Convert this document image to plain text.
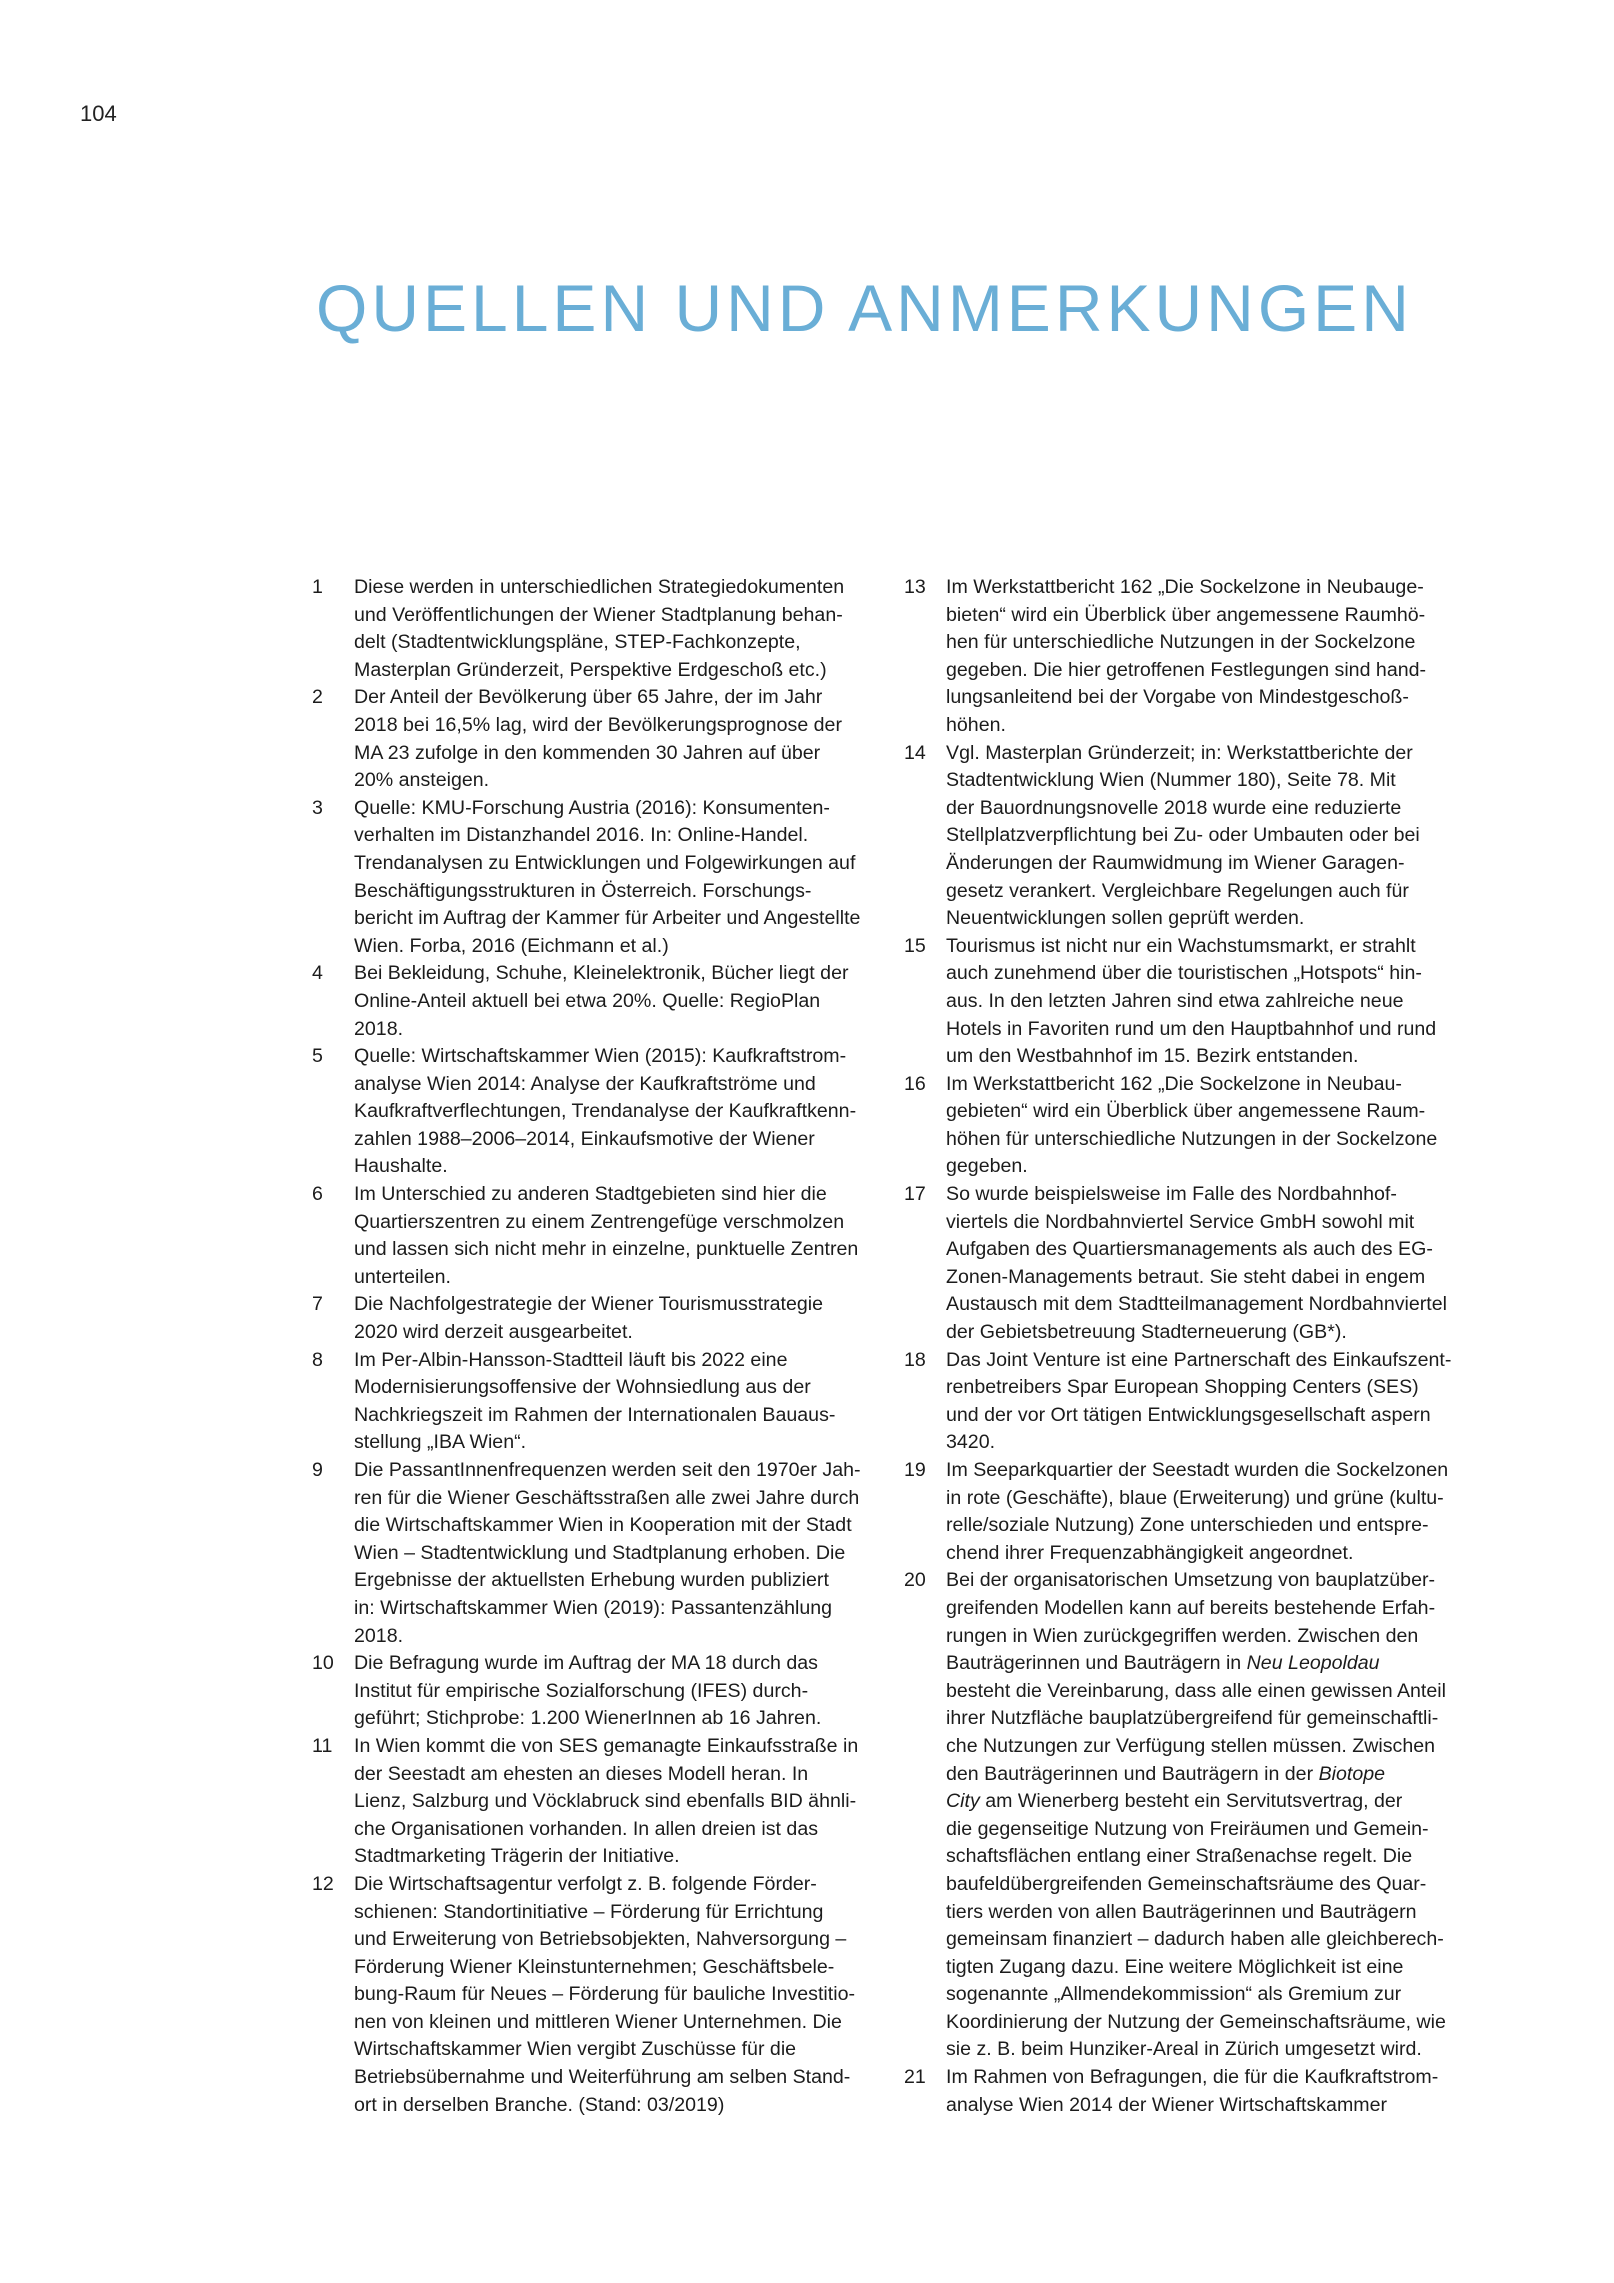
104
QUELLEN UND ANMERKUNGEN
1	Diese werden in unterschiedlichen Strategiedokumenten
und Veröffentlichungen der Wiener Stadtplanung behan-
delt (Stadtentwicklungspläne, STEP-Fachkonzepte,
Masterplan Gründerzeit, Perspektive Erdgeschoß etc.)
2	Der Anteil der Bevölkerung über 65 Jahre, der im Jahr
2018 bei 16,5% lag, wird der Bevölkerungsprognose der
MA 23 zufolge in den kommenden 30 Jahren auf über
20% ansteigen.
3	Quelle: KMU-Forschung Austria (2016): Konsumenten-
verhalten im Distanzhandel 2016. In: Online-Handel.
Trendanalysen zu Entwicklungen und Folgewirkungen auf
Beschäftigungsstrukturen in Österreich. Forschungs-
bericht im Auftrag der Kammer für Arbeiter und Angestellte
Wien. Forba, 2016 (Eichmann et al.)
4	Bei Bekleidung, Schuhe, Kleinelektronik, Bücher liegt der
Online-Anteil aktuell bei etwa 20%. Quelle: RegioPlan
2018.
5	Quelle: Wirtschaftskammer Wien (2015): Kaufkraftstrom-
analyse Wien 2014: Analyse der Kaufkraftströme und
Kaufkraftverflechtungen, Trendanalyse der Kaufkraftkenn-
zahlen 1988–2006–2014, Einkaufsmotive der Wiener
Haushalte.
6	Im Unterschied zu anderen Stadtgebieten sind hier die
Quartierszentren zu einem Zentrengefüge verschmolzen
und lassen sich nicht mehr in einzelne, punktuelle Zentren
unterteilen.
7	Die Nachfolgestrategie der Wiener Tourismusstrategie
2020 wird derzeit ausgearbeitet.
8	Im Per-Albin-Hansson-Stadtteil läuft bis 2022 eine
Modernisierungsoffensive der Wohnsiedlung aus der
Nachkriegszeit im Rahmen der Internationalen Bauaus-
stellung „IBA Wien“.
9	Die PassantInnenfrequenzen werden seit den 1970er Jah-
ren für die Wiener Geschäftsstraßen alle zwei Jahre durch
die Wirtschaftskammer Wien in Kooperation mit der Stadt
Wien – Stadtentwicklung und Stadtplanung erhoben. Die
Ergebnisse der aktuellsten Erhebung wurden publiziert
in: Wirtschaftskammer Wien (2019): Passantenzählung
2018.
10	Die Befragung wurde im Auftrag der MA 18 durch das
Institut für empirische Sozialforschung (IFES) durch-
geführt; Stichprobe: 1.200 WienerInnen ab 16 Jahren.
11	In Wien kommt die von SES gemanagte Einkaufsstraße in
der Seestadt am ehesten an dieses Modell heran. In
Lienz, Salzburg und Vöcklabruck sind ebenfalls BID ähnli-
che Organisationen vorhanden. In allen dreien ist das
Stadtmarketing Trägerin der Initiative.
12	Die Wirtschaftsagentur verfolgt z. B. folgende Förder-
schienen: Standortinitiative – Förderung für Errichtung
und Erweiterung von Betriebsobjekten, Nahversorgung –
Förderung Wiener Kleinstunternehmen; Geschäftsbele-
bung-Raum für Neues – Förderung für bauliche Investitio-
nen von kleinen und mittleren Wiener Unternehmen. Die
Wirtschaftskammer Wien vergibt Zuschüsse für die
Betriebsübernahme und Weiterführung am selben Stand-
ort in derselben Branche. (Stand: 03/2019)
13	Im Werkstattbericht 162 „Die Sockelzone in Neubauge-
bieten“ wird ein Überblick über angemessene Raumhö-
hen für unterschiedliche Nutzungen in der Sockelzone
gegeben. Die hier getroffenen Festlegungen sind hand-
lungsanleitend bei der Vorgabe von Mindestgeschoß-
höhen.
14	Vgl. Masterplan Gründerzeit; in: Werkstattberichte der
Stadtentwicklung Wien (Nummer 180), Seite 78. Mit
der Bauordnungsnovelle 2018 wurde eine reduzierte
Stellplatzverpflichtung bei Zu- oder Umbauten oder bei
Änderungen der Raumwidmung im Wiener Garagen-
gesetz verankert. Vergleichbare Regelungen auch für
Neuentwicklungen sollen geprüft werden.
15	Tourismus ist nicht nur ein Wachstumsmarkt, er strahlt
auch zunehmend über die touristischen „Hotspots“ hin-
aus. In den letzten Jahren sind etwa zahlreiche neue
Hotels in Favoriten rund um den Hauptbahnhof und rund
um den Westbahnhof im 15. Bezirk entstanden.
16	Im Werkstattbericht 162 „Die Sockelzone in Neubau-
gebieten“ wird ein Überblick über angemessene Raum-
höhen für unterschiedliche Nutzungen in der Sockelzone
gegeben.
17	So wurde beispielsweise im Falle des Nordbahnhof-
viertels die Nordbahnviertel Service GmbH sowohl mit
Aufgaben des Quartiersmanagements als auch des EG-
Zonen-Managements betraut. Sie steht dabei in engem
Austausch mit dem Stadtteilmanagement Nordbahnviertel
der Gebietsbetreuung Stadterneuerung (GB*).
18	Das Joint Venture ist eine Partnerschaft des Einkaufszent-
renbetreibers Spar European Shopping Centers (SES)
und der vor Ort tätigen Entwicklungsgesellschaft aspern
3420.
19	Im Seeparkquartier der Seestadt wurden die Sockelzonen
in rote (Geschäfte), blaue (Erweiterung) und grüne (kultu-
relle/soziale Nutzung) Zone unterschieden und entspre-
chend ihrer Frequenzabhängigkeit angeordnet.
20	Bei der organisatorischen Umsetzung von bauplatzüber-
greifenden Modellen kann auf bereits bestehende Erfah-
rungen in Wien zurückgegriffen werden. Zwischen den
Bauträgerinnen und Bauträgern in Neu Leopoldau
besteht die Vereinbarung, dass alle einen gewissen Anteil
ihrer Nutzfläche bauplatzübergreifend für gemeinschaftli-
che Nutzungen zur Verfügung stellen müssen. Zwischen
den Bauträgerinnen und Bauträgern in der Biotope
City am Wienerberg besteht ein Servitutsvertrag, der
die gegenseitige Nutzung von Freiräumen und Gemein-
schaftsflächen entlang einer Straßenachse regelt. Die
baufeldübergreifenden Gemeinschaftsräume des Quar-
tiers werden von allen Bauträgerinnen und Bauträgern
gemeinsam finanziert – dadurch haben alle gleichberech-
tigten Zugang dazu. Eine weitere Möglichkeit ist eine
sogenannte „Allmendekommission“ als Gremium zur
Koordinierung der Nutzung der Gemeinschaftsräume, wie
sie z. B. beim Hunziker-Areal in Zürich umgesetzt wird.
21	Im Rahmen von Befragungen, die für die Kaufkraftstrom-
analyse Wien 2014 der Wiener Wirtschaftskammer
